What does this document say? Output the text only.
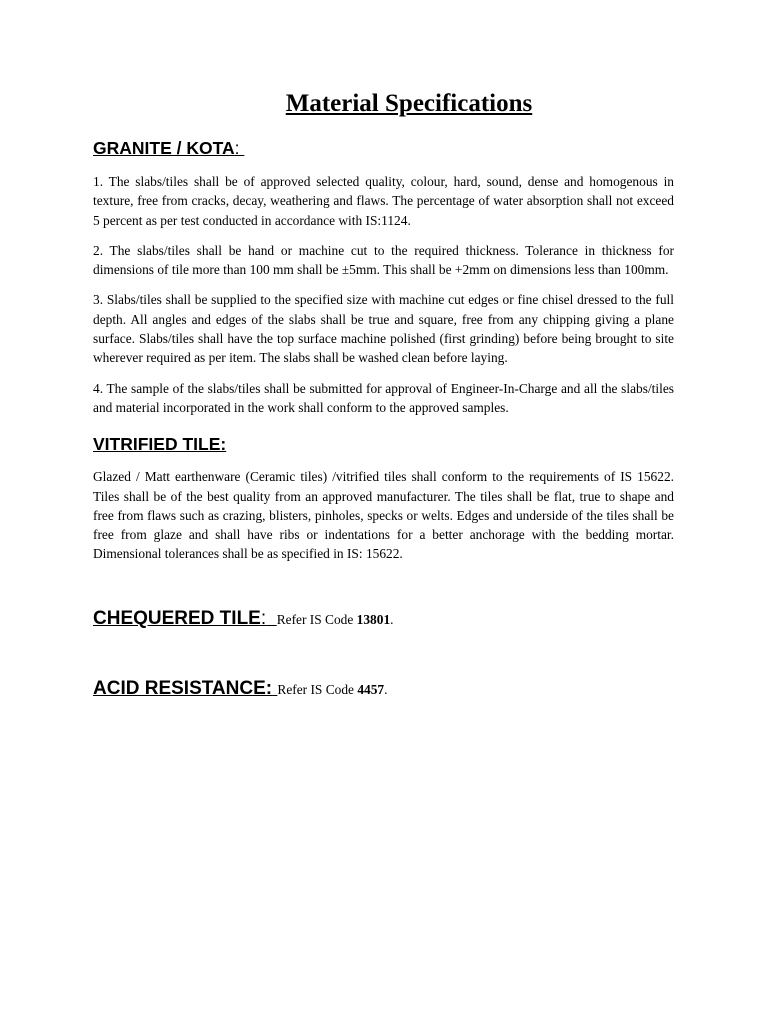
Material Specifications
GRANITE / KOTA:

1. The slabs/tiles shall be of approved selected quality, colour, hard, sound, dense and homogenous in texture, free from cracks, decay, weathering and flaws. The percentage of water absorption shall not exceed 5 percent as per test conducted in accordance with IS:1124.

2. The slabs/tiles shall be hand or machine cut to the required thickness. Tolerance in thickness for dimensions of tile more than 100 mm shall be ±5mm. This shall be +2mm on dimensions less than 100mm.

3. Slabs/tiles shall be supplied to the specified size with machine cut edges or fine chisel dressed to the full depth. All angles and edges of the slabs shall be true and square, free from any chipping giving a plane surface. Slabs/tiles shall have the top surface machine polished (first grinding) before being brought to site wherever required as per item. The slabs shall be washed clean before laying.

4. The sample of the slabs/tiles shall be submitted for approval of Engineer-In-Charge and all the slabs/tiles and material incorporated in the work shall conform to the approved samples.

VITRIFIED TILE:

Glazed / Matt earthenware (Ceramic tiles) /vitrified tiles shall conform to the requirements of IS 15622. Tiles shall be of the best quality from an approved manufacturer. The tiles shall be flat, true to shape and free from flaws such as crazing, blisters, pinholes, specks or welts. Edges and underside of the tiles shall be free from glaze and shall have ribs or indentations for a better anchorage with the bedding mortar. Dimensional tolerances shall be as specified in IS: 15622.

CHEQUERED TILE: Refer IS Code 13801 .
ACID RESISTANCE: Refer IS Code 4457 .
